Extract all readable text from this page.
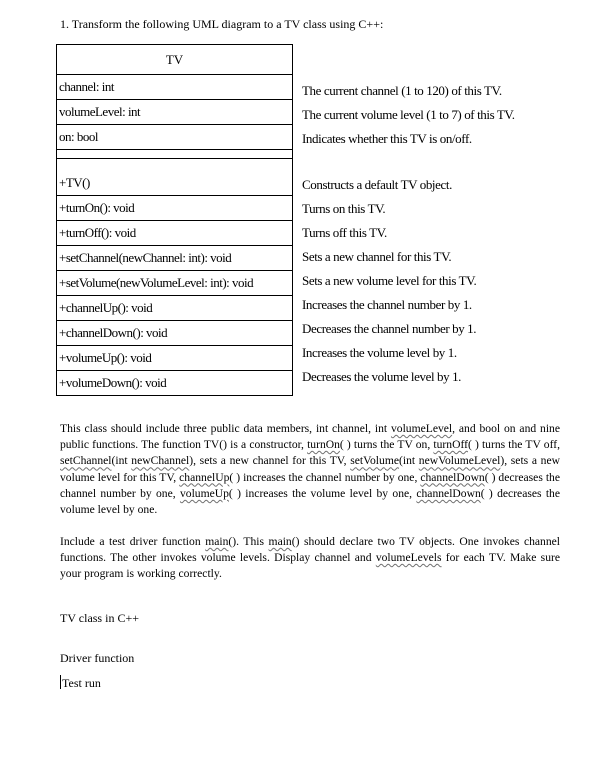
1. Transform the following UML diagram to a TV class using C++:
TV
channel: int
volumeLevel: int
on: bool
+TV()
+turnOn(): void
+turnOff(): void
+setChannel(newChannel: int): void
+setVolume(newVolumeLevel: int): void
+channelUp(): void
+channelDown(): void
+volumeUp(): void
+volumeDown(): void
The current channel (1 to 120) of this TV.
The current volume level (1 to 7) of this TV.
Indicates whether this TV is on/off.
Constructs a default TV object.
Turns on this TV.
Turns off this TV.
Sets a new channel for this TV.
Sets a new volume level for this TV.
Increases the channel number by 1.
Decreases the channel number by 1.
Increases the volume level by 1.
Decreases the volume level by 1.

This class should include three public data members, int channel, int volumeLevel, and bool on and nine public functions. The function TV() is a constructor, turnOn( ) turns the TV on, turnOff( ) turns the TV off, setChannel(int newChannel), sets a new channel for this TV, setVolume(int newVolumeLevel), sets a new volume level for this TV, channelUp( ) increases the channel number by one, channelDown( ) decreases the channel number by one, volumeUp( ) increases the volume level by one, channelDown( ) decreases the volume level by one.

Include a test driver function main(). This main() should declare two TV objects. One invokes channel functions. The other invokes volume levels. Display channel and volumeLevels for each TV. Make sure your program is working correctly.

TV class in C++
Driver function
Test run
